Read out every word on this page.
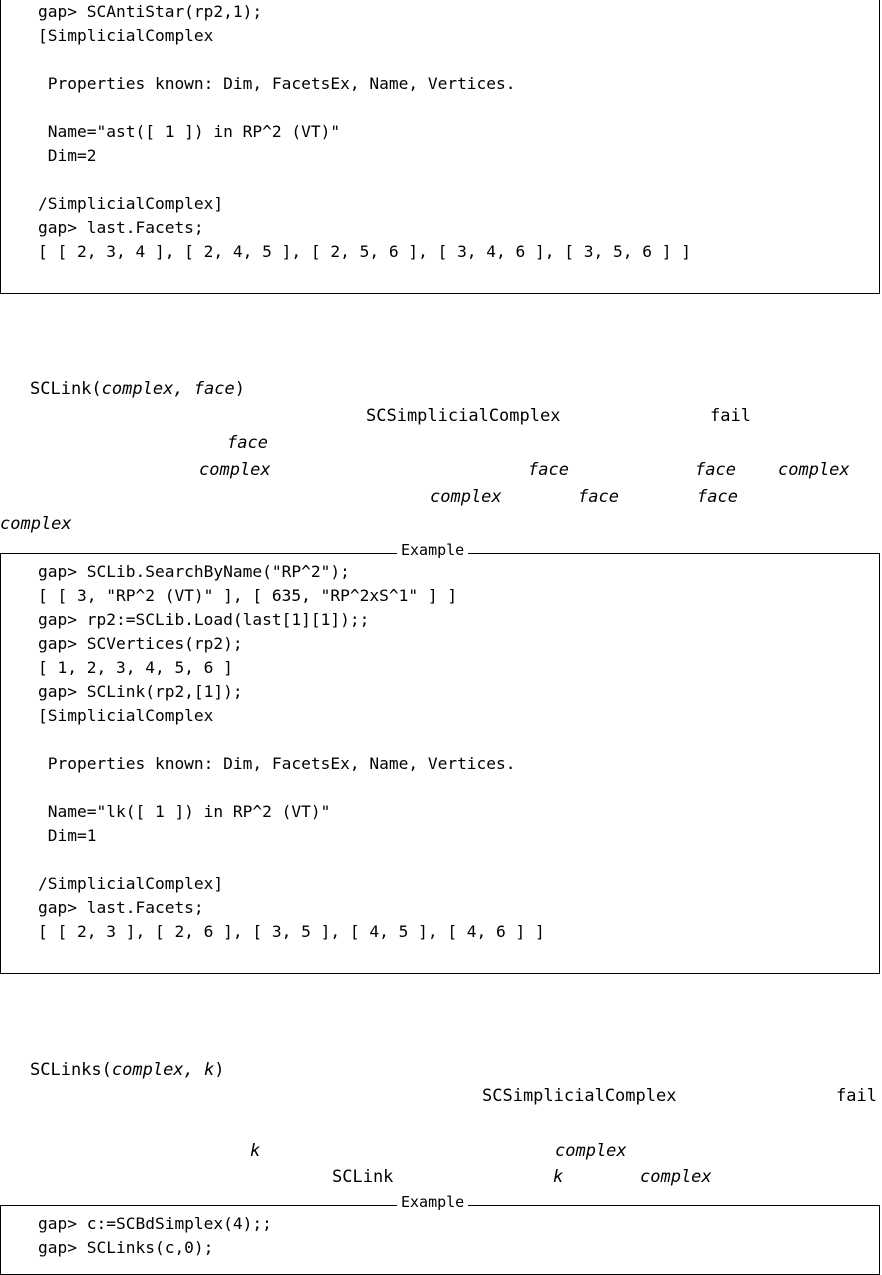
gap> SCAntiStar(rp2,1);
[SimplicialComplex
Properties known: Dim, FacetsEx, Name, Vertices.
Name="ast([ 1 ]) in RP^2 (VT)"
Dim=2
/SimplicialComplex]
gap> last.Facets;
[ [ 2, 3, 4 ], [ 2, 4, 5 ], [ 2, 5, 6 ], [ 3, 4, 6 ], [ 3, 5, 6 ] ]
SCLink(complex, face)
SCSimplicialComplex	fail
face
complex	face	face complex
complex	face	face
complex
Example
gap> SCLib.SearchByName("RP^2");
[ [ 3, "RP^2 (VT)" ], [ 635, "RP^2xS^1" ] ]
gap> rp2:=SCLib.Load(last[1][1]);;
gap> SCVertices(rp2);
[ 1, 2, 3, 4, 5, 6 ]
gap> SCLink(rp2,[1]);
[SimplicialComplex
Properties known: Dim, FacetsEx, Name, Vertices.
Name="lk([ 1 ]) in RP^2 (VT)"
Dim=1
/SimplicialComplex]
gap> last.Facets;
[ [ 2, 3 ], [ 2, 6 ], [ 3, 5 ], [ 4, 5 ], [ 4, 6 ] ]
SCLinks(complex, k)
SCSimplicialComplex	fail
k	complex
SCLink	k	complex
Example
gap> c:=SCBdSimplex(4);;
gap> SCLinks(c,0);
